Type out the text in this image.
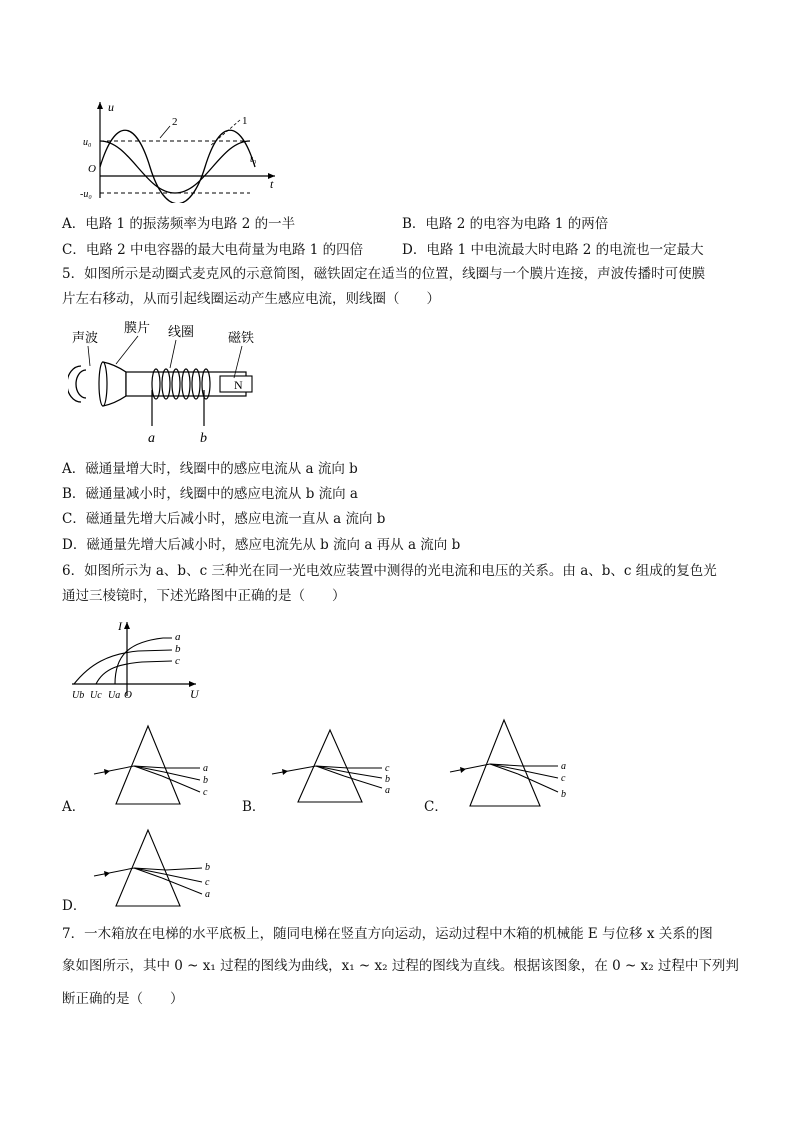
u
t
O
u₀
-u₀
t₀
1
2
A．电路 1 的振荡频率为电路 2 的一半	B．电路 2 的电容为电路 1 的两倍
C．电路 2 中电容器的最大电荷量为电路 1 的四倍	D．电路 1 中电流最大时电路 2 的电流也一定最大
5．如图所示是动圈式麦克风的示意简图，磁铁固定在适当的位置，线圈与一个膜片连接，声波传播时可使膜
片左右移动，从而引起线圈运动产生感应电流，则线圈（　　）
N
a	b
声波
膜片 线圈	磁铁
A．磁通量增大时，线圈中的感应电流从 a 流向 b
B．磁通量减小时，线圈中的感应电流从 b 流向 a
C．磁通量先增大后减小时，感应电流一直从 a 流向 b
D．磁通量先增大后减小时，感应电流先从 b 流向 a 再从 a 流向 b
6．如图所示为 a、b、c 三种光在同一光电效应装置中测得的光电流和电压的关系。由 a、b、c 组成的复色光
通过三棱镜时，下述光路图中正确的是（　　）
I
U
O
Ub Uc Ua
a
b
c
A．
a
b
c
B．
c
b
a
C．
a
c
b
D．
b
c
a
7．一木箱放在电梯的水平底板上，随同电梯在竖直方向运动，运动过程中木箱的机械能 E 与位移 x 关系的图
象如图所示，其中 0 ~ x₁ 过程的图线为曲线，x₁ ~ x₂ 过程的图线为直线。根据该图象，在 0 ~ x₂ 过程中下列判
断正确的是（　　）
